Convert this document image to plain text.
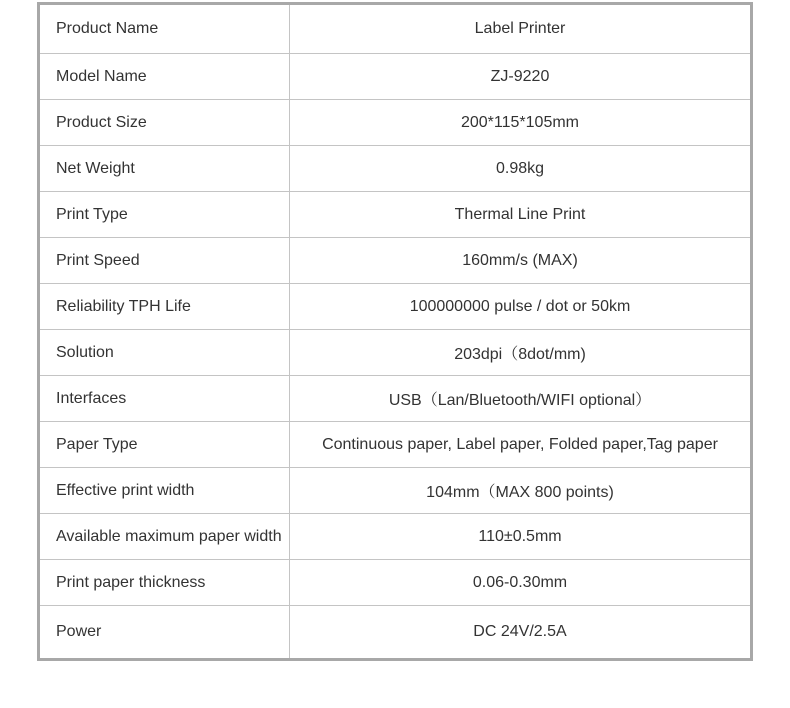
Product Name	Label Printer
Model Name	ZJ-9220
Product Size	200*115*105mm
Net Weight	0.98kg
Print Type	Thermal Line Print
Print Speed	160mm/s (MAX)
Reliability TPH Life	100000000 pulse / dot or 50km
Solution	203dpi（8dot/mm)
Interfaces	USB（Lan/Bluetooth/WIFI optional）
Paper Type	Continuous paper, Label paper, Folded paper,Tag paper
Effective print width	104mm（MAX 800 points)
Available maximum paper width	110±0.5mm
Print paper thickness	0.06-0.30mm
Power	DC 24V/2.5A
